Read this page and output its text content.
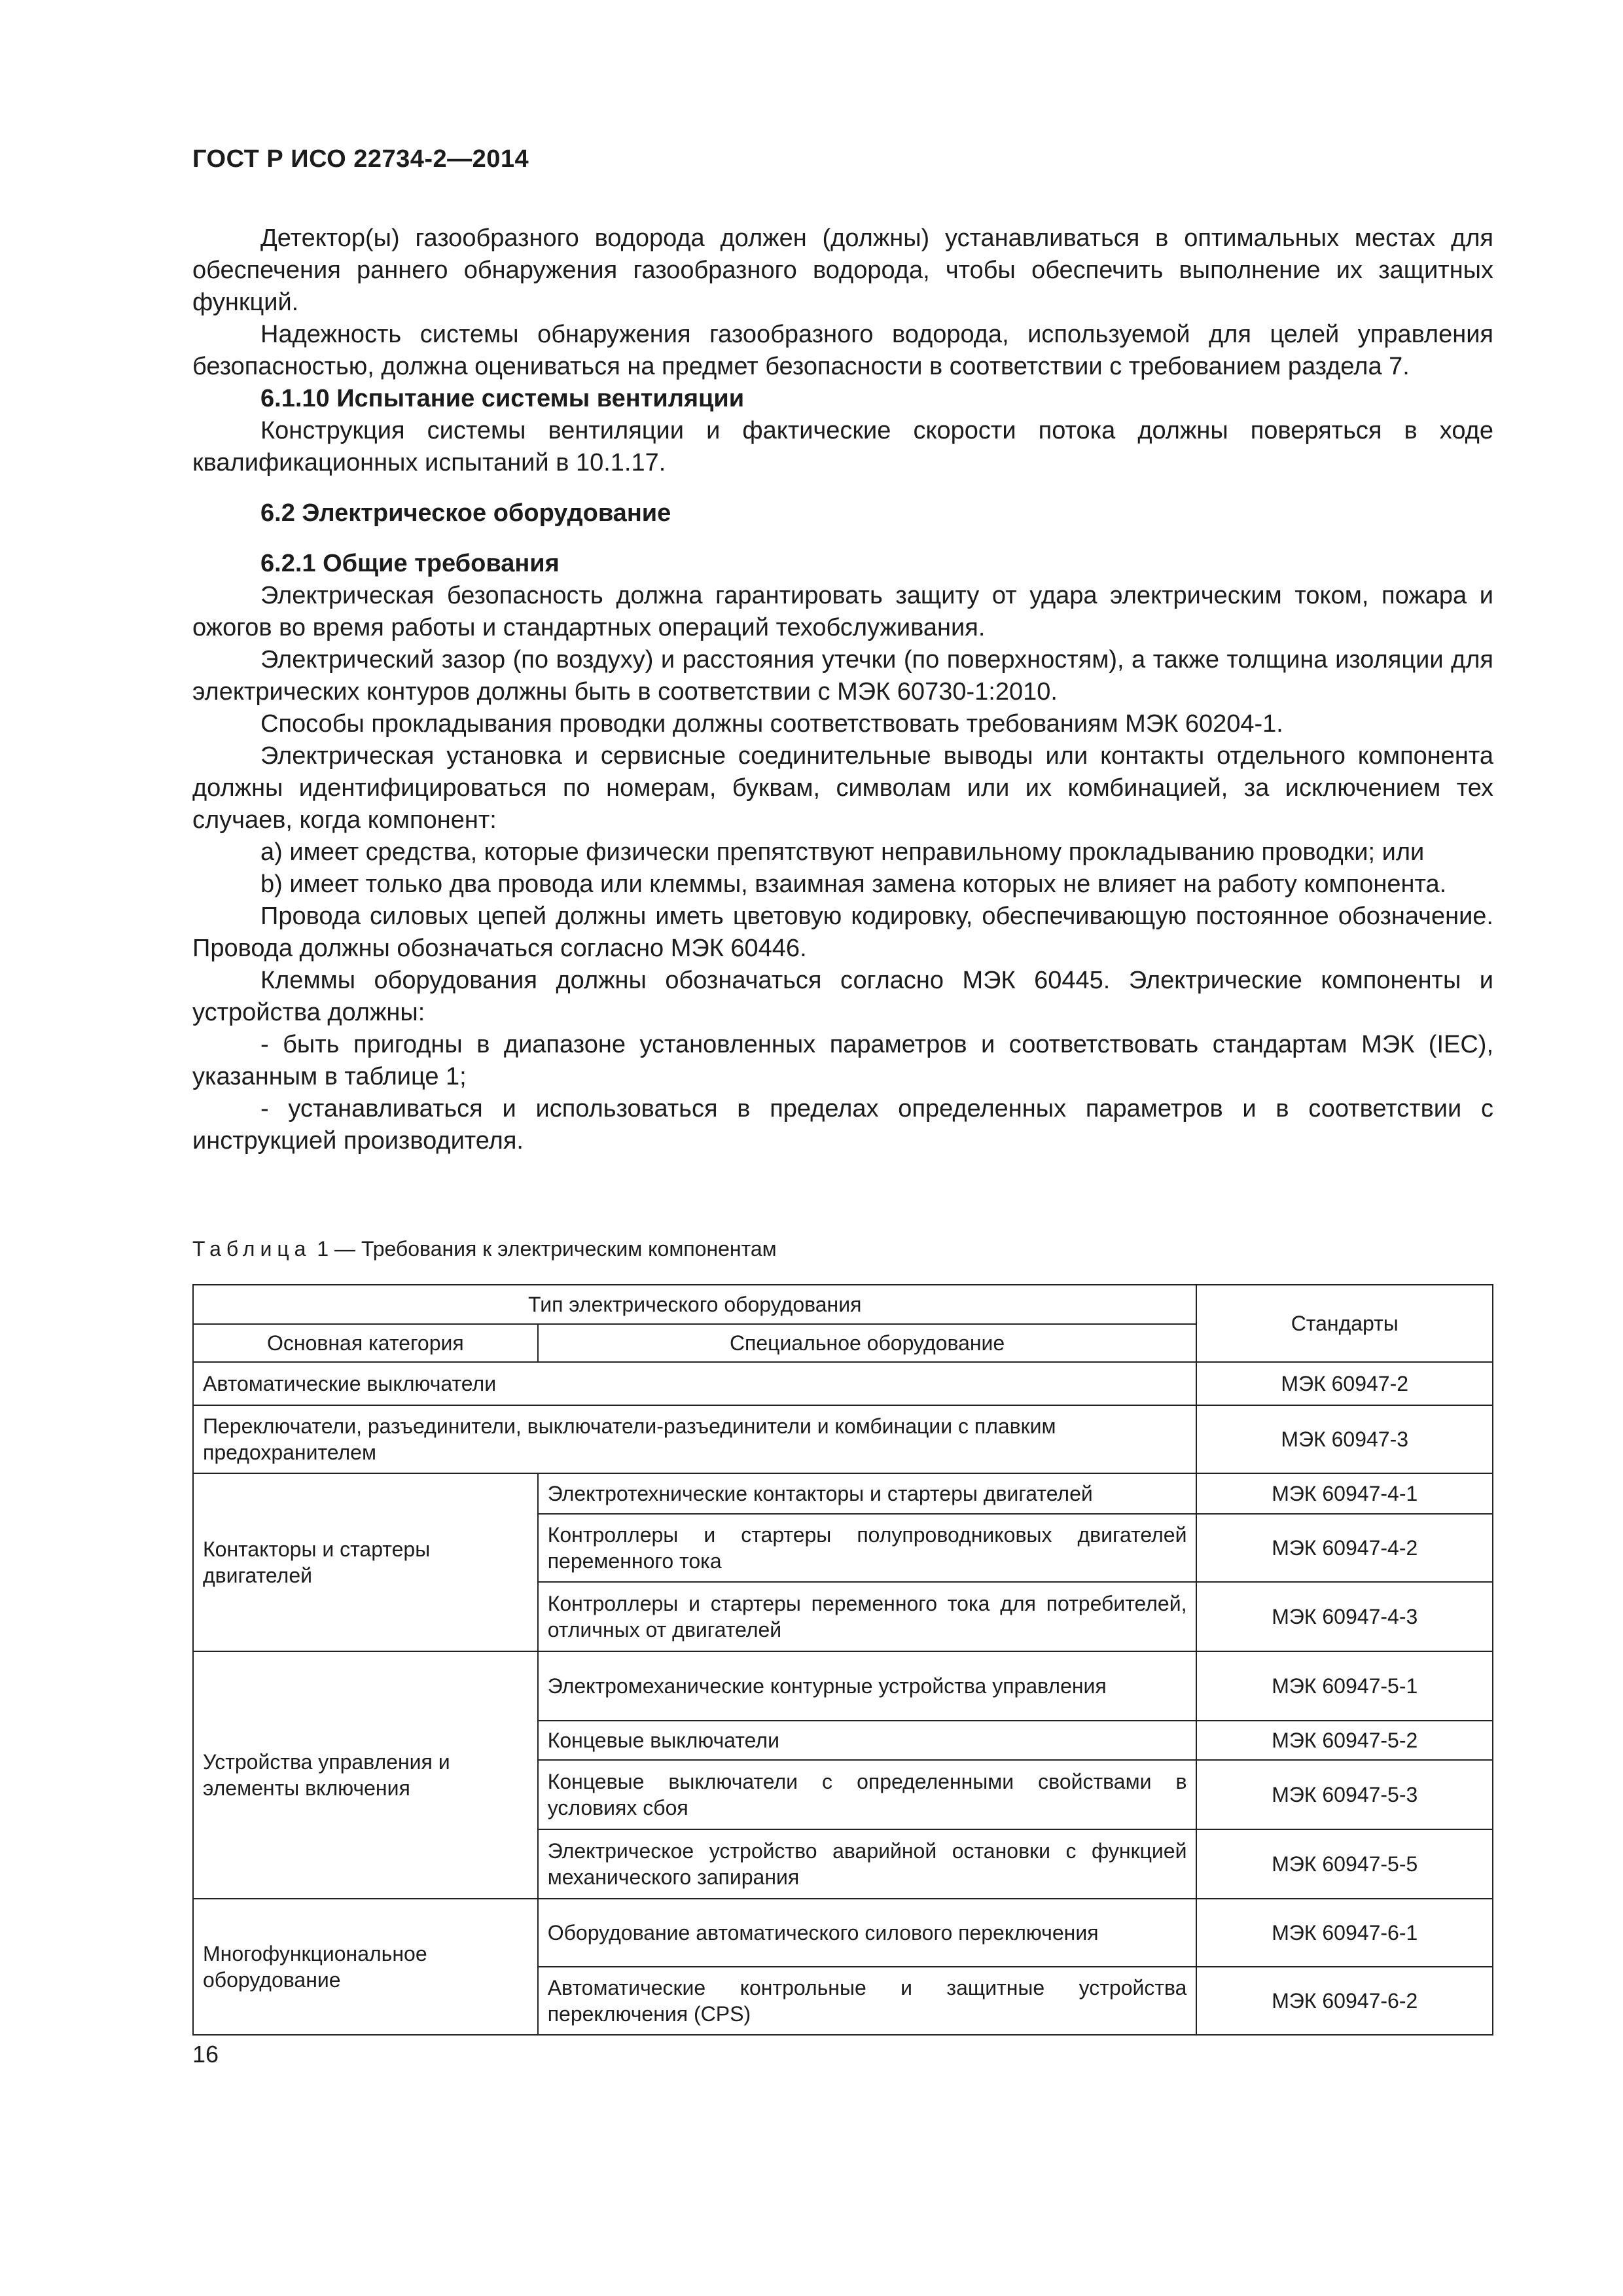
ГОСТ Р ИСО 22734-2—2014

Детектор(ы) газообразного водорода должен (должны) устанавливаться в оптимальных местах для обеспечения раннего обнаружения газообразного водорода, чтобы обеспечить выполнение их защитных функций.

Надежность системы обнаружения газообразного водорода, используемой для целей управления безопасностью, должна оцениваться на предмет безопасности в соответствии с требованием раздела 7.

6.1.10 Испытание системы вентиляции

Конструкция системы вентиляции и фактические скорости потока должны поверяться в ходе квалификационных испытаний в 10.1.17.

6.2 Электрическое оборудование

6.2.1 Общие требования

Электрическая безопасность должна гарантировать защиту от удара электрическим током, пожара и ожогов во время работы и стандартных операций техобслуживания.

Электрический зазор (по воздуху) и расстояния утечки (по поверхностям), а также толщина изоляции для электрических контуров должны быть в соответствии с МЭК 60730-1:2010.

Способы прокладывания проводки должны соответствовать требованиям МЭК 60204-1.

Электрическая установка и сервисные соединительные выводы или контакты отдельного компонента должны идентифицироваться по номерам, буквам, символам или их комбинацией, за исключением тех случаев, когда компонент:

a) имеет средства, которые физически препятствуют неправильному прокладыванию проводки; или

b) имеет только два провода или клеммы, взаимная замена которых не влияет на работу компонента.

Провода силовых цепей должны иметь цветовую кодировку, обеспечивающую постоянное обозначение. Провода должны обозначаться согласно МЭК 60446.

Клеммы оборудования должны обозначаться согласно МЭК 60445. Электрические компоненты и устройства должны:

- быть пригодны в диапазоне установленных параметров и соответствовать стандартам МЭК (IEC), указанным в таблице 1;

- устанавливаться и использоваться в пределах определенных параметров и в соответствии с инструкцией производителя.

Таблица 1 — Требования к электрическим компонентам
Тип электрического оборудования		Стандарты
Основная категория	Специальное оборудование	
Автоматические выключатели		МЭК 60947-2
Переключатели, разъединители, выключатели-разъединители и комбинации с плавким предохранителем		МЭК 60947-3
Контакторы и стартеры двигателей	Электротехнические контакторы и стартеры двигателей	МЭК 60947-4-1
	Контроллеры и стартеры полупроводниковых двигателей переменного тока	МЭК 60947-4-2
	Контроллеры и стартеры переменного тока для потребителей, отличных от двигателей	МЭК 60947-4-3
Устройства управления и элементы включения	Электромеханические контурные устройства управления	МЭК 60947-5-1
	Концевые выключатели	МЭК 60947-5-2
	Концевые выключатели с определенными свойствами в условиях сбоя	МЭК 60947-5-3
	Электрическое устройство аварийной остановки с функцией механического запирания	МЭК 60947-5-5
Многофункциональное оборудование	Оборудование автоматического силового переключения	МЭК 60947-6-1
	Автоматические контрольные и защитные устройства переключения (CPS)	МЭК 60947-6-2
16
